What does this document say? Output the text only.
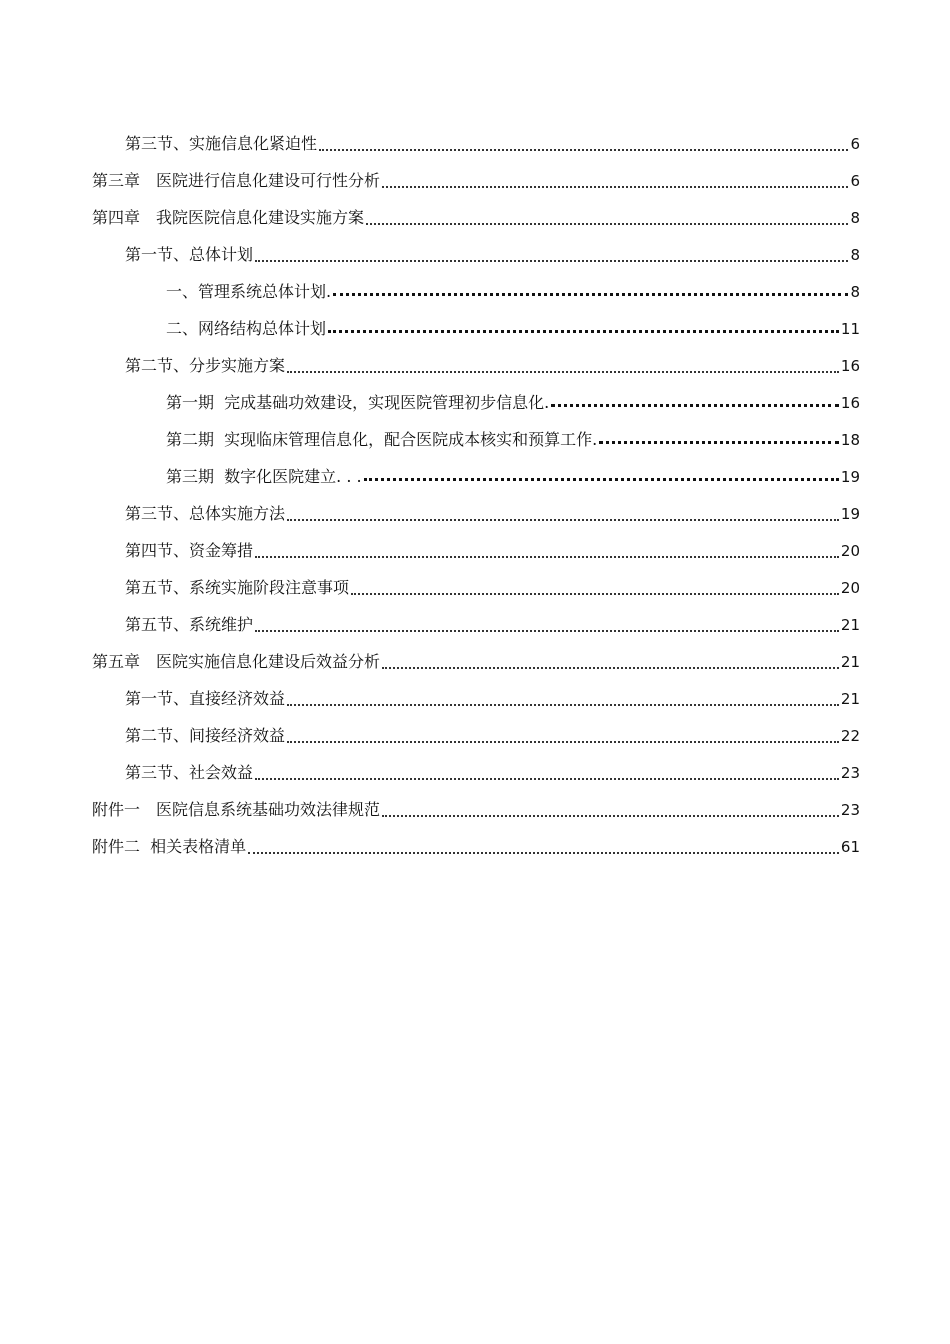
第三节、实施信息化紧迫性	6
第三章　医院进行信息化建设可行性分析	6
第四章　我院医院信息化建设实施方案	8
第一节、总体计划	8
一、管理系统总体计划.	8
二、网络结构总体计划	11
第二节、分步实施方案	16
第一期  完成基础功效建设，实现医院管理初步信息化.	16
第二期  实现临床管理信息化，配合医院成本核实和预算工作.	18
第三期  数字化医院建立. . .	19
第三节、总体实施方法	19
第四节、资金筹措	20
第五节、系统实施阶段注意事项	20
第五节、系统维护	21
第五章　医院实施信息化建设后效益分析	21
第一节、直接经济效益	21
第二节、间接经济效益	22
第三节、社会效益	23
附件一　医院信息系统基础功效法律规范	23
附件二  相关表格清单	61
